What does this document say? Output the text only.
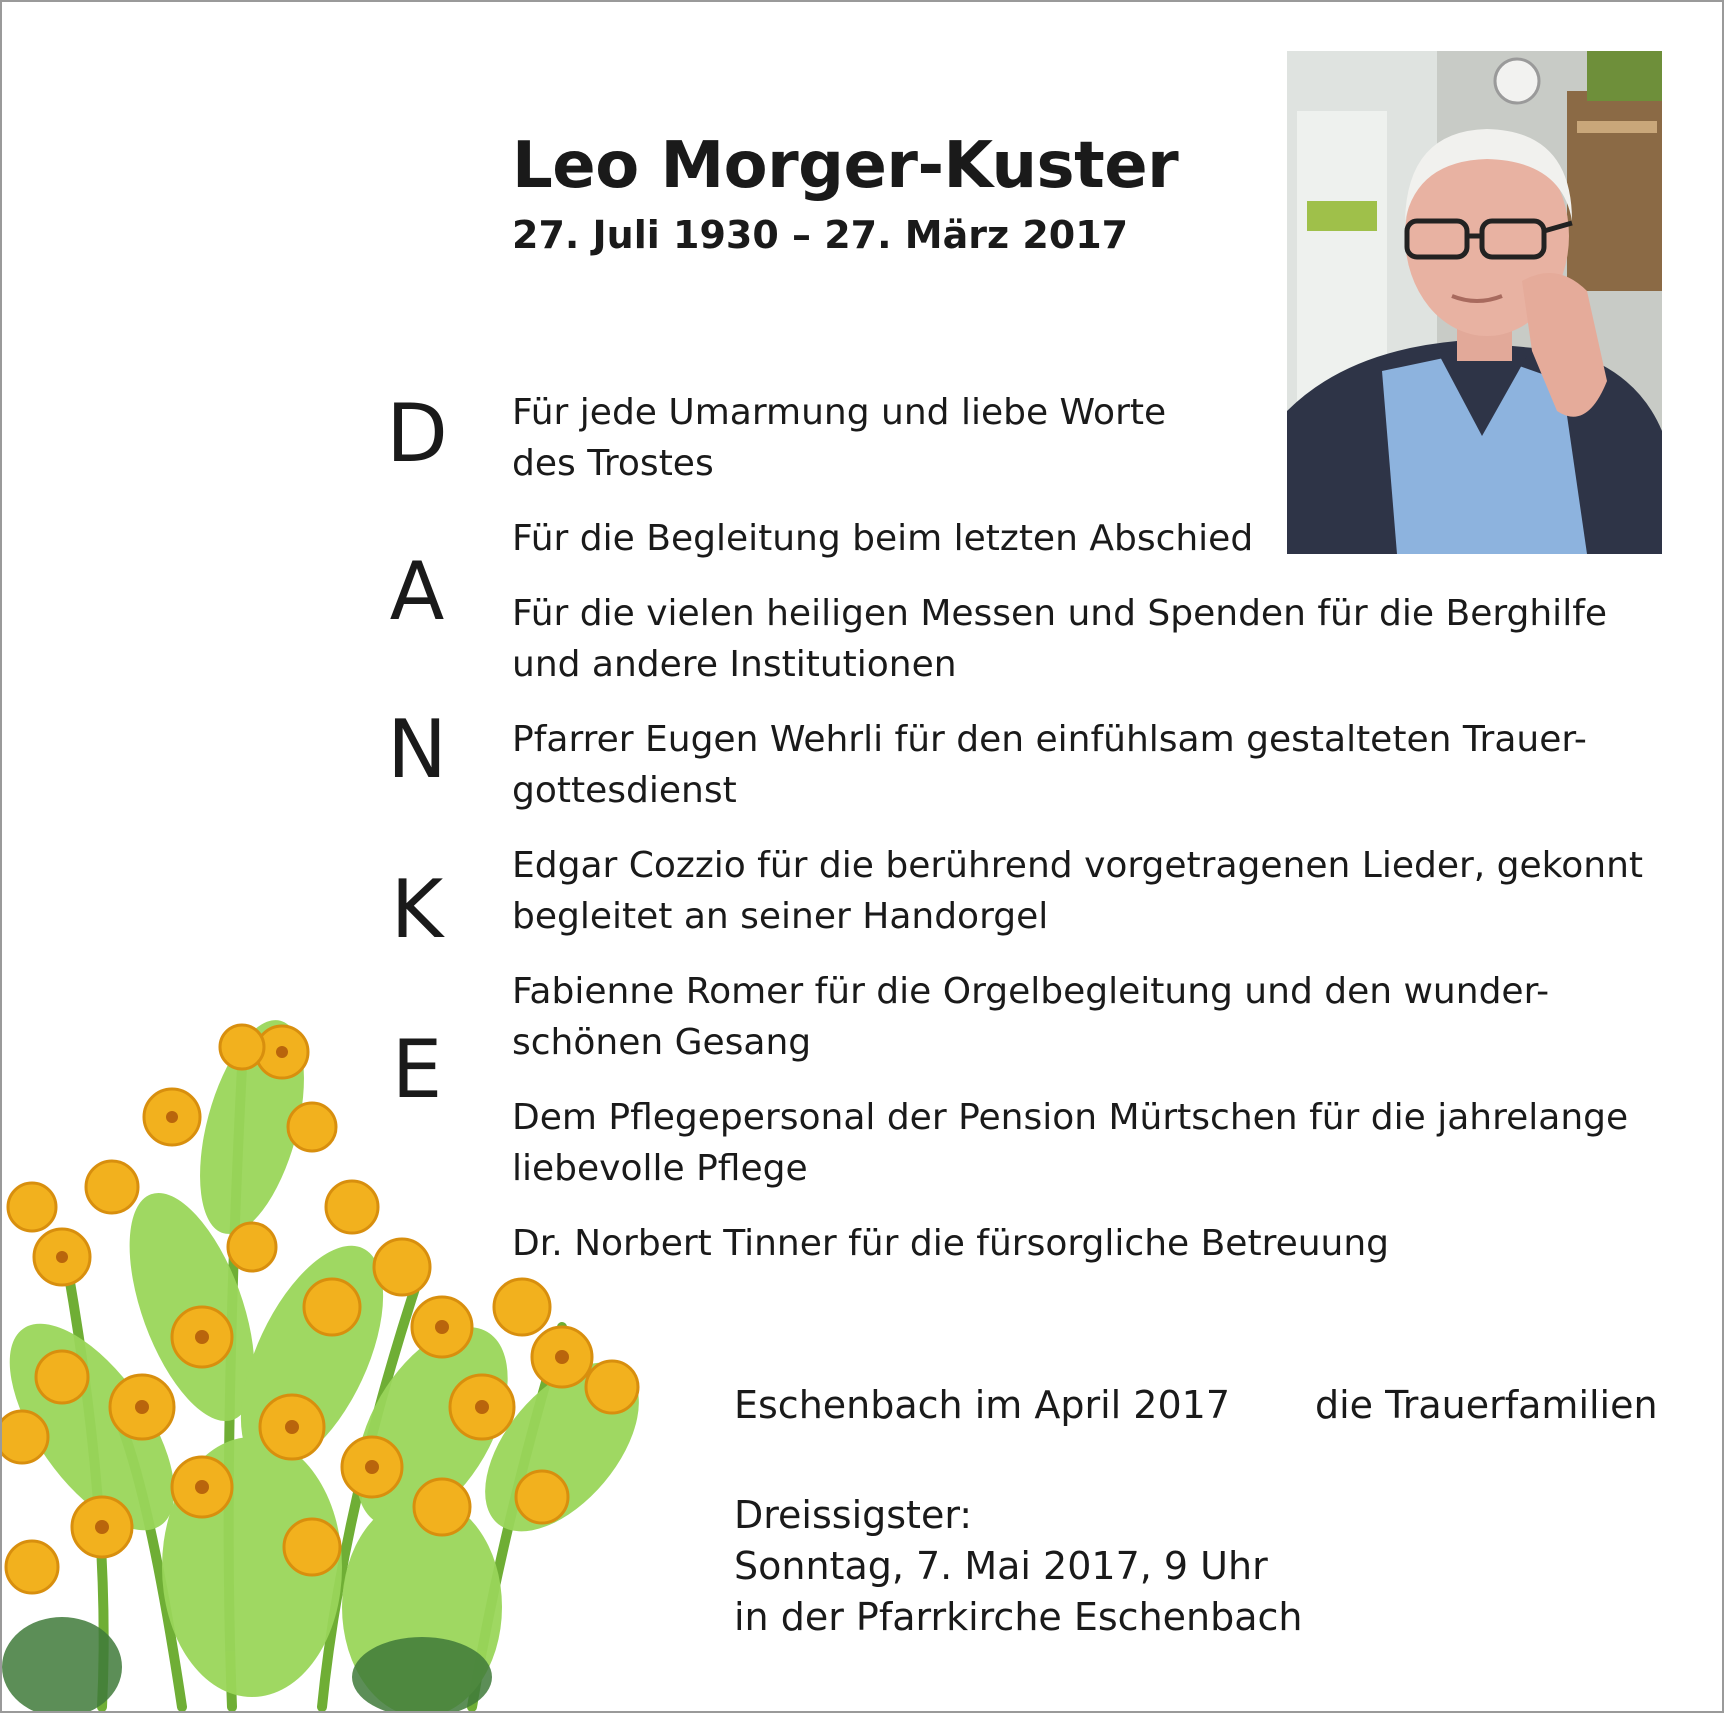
Leo Morger-Kuster
27. Juli 1930 – 27. März 2017
D
A
N
K
E
Für jede Umarmung und liebe Worte
des Trostes
Für die Begleitung beim letzten Abschied
Für die vielen heiligen Messen und Spenden für die Berghilfe
und andere Institutionen
Pfarrer Eugen Wehrli für den einfühlsam gestalteten Trauer-
gottesdienst
Edgar Cozzio für die berührend vorgetragenen Lieder, gekonnt
begleitet an seiner Handorgel
Fabienne Romer für die Orgelbegleitung und den wunder-
schönen Gesang
Dem Pflegepersonal der Pension Mürtschen für die jahrelange
liebevolle Pflege
Dr. Norbert Tinner für die fürsorgliche Betreuung
Eschenbach im April 2017 die Trauerfamilien
Dreissigster:
Sonntag, 7. Mai 2017, 9 Uhr
in der Pfarrkirche Eschenbach
